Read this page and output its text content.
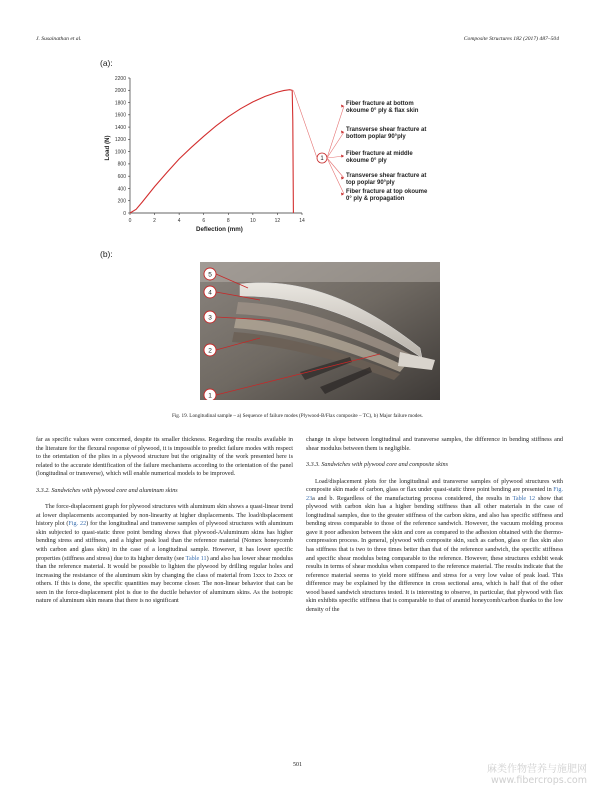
J. Susainathan et al.	Composite Structures 182 (2017) 487–504
(a):
0	2	4	6	8	10	12	14
0
200
400
600
800
1000
1200
1400
1600
1800
2000
2200
Deflection (mm)
Load (N)	1
Fiber fracture at bottom okoume 0° ply & flax skin
Transverse shear fracture at bottom poplar 90°ply
Fiber fracture at middle okoume 0° ply
Transverse shear fracture at top poplar 90°ply
Fiber fracture at top okoume 0° ply & propagation
(b):
5
4
3
2
1
Fig. 19. Longitudinal sample – a) Sequence of failure modes (Plywood-B/Flax composite – TC), b) Major failure modes.

far as specific values were concerned, despite its smaller thickness. Regarding the results available in the literature for the flexural response of plywood, it is impossible to predict failure modes with respect to the orientation of the plies in a plywood structure but the originality of the work presented here is related to the accurate identification of the failure mechanisms according to the orientation of the panel (longitudinal or transverse), which will enable numerical models to be improved.

3.3.2. Sandwiches with plywood core and aluminum skins

The force-displacement graph for plywood structures with aluminum skin shows a quasi-linear trend at lower displacements accompanied by non-linearity at higher displacements. The load/displacement history plot (Fig. 22) for the longitudinal and transverse samples of plywood structures with aluminum skin subjected to quasi-static three point bending shows that plywood-A/aluminum skins has higher bending stress and stiffness, and a higher peak load than the reference material (Nomex honeycomb with carbon and glass skin) in the case of a longitudinal sample. However, it has lower specific properties (stiffness and stress) due to its higher density (see Table 11) and also has lower shear modulus than the reference material. It would be possible to lighten the plywood by drilling regular holes and increasing the resistance of the aluminum skin by changing the class of material from 1xxx to 2xxx or others. If this is done, the specific quantities may become closer. The non-linear behavior that can be seen in the force-displacement plot is due to the ductile behavior of aluminum skins. As the isotropic nature of aluminum skin means that there is no significant

change in slope between longitudinal and transverse samples, the difference in bending stiffness and shear modulus between them is negligible.

3.3.3. Sandwiches with plywood core and composite skins

Load/displacement plots for the longitudinal and transverse samples of plywood structures with composite skin made of carbon, glass or flax under quasi-static three point bending are presented in Fig. 23a and b. Regardless of the manufacturing process considered, the results in Table 12 show that plywood with carbon skin has a higher bending stiffness than all other materials in the case of longitudinal samples, due to the greater stiffness of the carbon skins, and also has specific stiffness and bending stress comparable to those of the reference sandwich. However, the vacuum molding process gave it poor adhesion between the skin and core as compared to the adhesion obtained with the thermo-compression process. In general, plywood with composite skin, such as carbon, glass or flax skin also has stiffness that is two to three times better than that of the reference sandwich, the specific stiffness and specific shear modulus being comparable to the reference. However, these structures exhibit weak results in terms of shear modulus when compared to the reference material. The results indicate that the reference material seems to yield more stiffness and stress for a very low value of peak load. This difference may be explained by the difference in cross sectional area, which is half that of the other wood based sandwich structures tested. It is interesting to observe, in particular, that plywood with flax skin exhibits specific stiffness that is comparable to that of aramid honeycomb/carbon thanks to the low density of the

501	麻类作物营养与施肥网
www.fibercrops.com
